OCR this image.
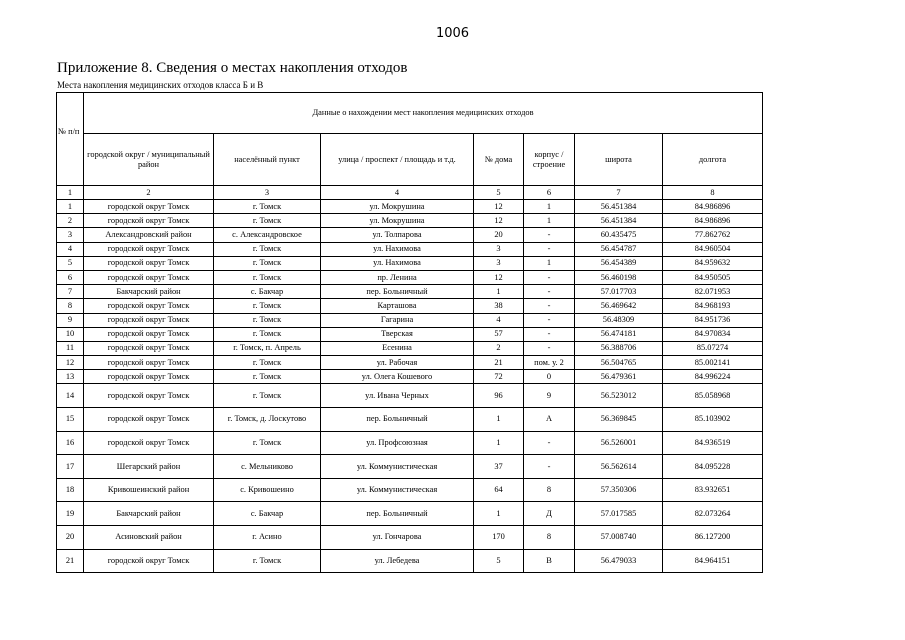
1006
Приложение 8. Сведения о местах накопления отходов
Места накопления медицинских отходов класса Б и В
№ п/п	Данные о нахождении мест накопления медицинских отходов						
	городской округ / муниципальный район	населённый пункт	улица / проспект / площадь и т.д.	№ дома	корпус / строение	широта	долгота
1	2	3	4	5	6	7	8
1	городской округ Томск	г. Томск	ул. Мокрушина	12	1	56.451384	84.986896
2	городской округ Томск	г. Томск	ул. Мокрушина	12	1	56.451384	84.986896
3	Александровский район	с. Александровское	ул. Толпарова	20	-	60.435475	77.862762
4	городской округ Томск	г. Томск	ул. Нахимова	3	-	56.454787	84.960504
5	городской округ Томск	г. Томск	ул. Нахимова	3	1	56.454389	84.959632
6	городской округ Томск	г. Томск	пр. Ленина	12	-	56.460198	84.950505
7	Бакчарский район	с. Бакчар	пер. Больничный	1	-	57.017703	82.071953
8	городской округ Томск	г. Томск	Карташова	38	-	56.469642	84.968193
9	городской округ Томск	г. Томск	Гагарина	4	-	56.48309	84.951736
10	городской округ Томск	г. Томск	Тверская	57	-	56.474181	84.970834
11	городской округ Томск	г. Томск, п. Апрель	Есенина	2	-	56.388706	85.07274
12	городской округ Томск	г. Томск	ул. Рабочая	21	пом. у. 2	56.504765	85.002141
13	городской округ Томск	г. Томск	ул. Олега Кошевого	72	0	56.479361	84.996224
14	городской округ Томск	г. Томск	ул. Ивана Черных	96	9	56.523012	85.058968
15	городской округ Томск	г. Томск, д. Лоскутово	пер. Больничный	1	А	56.369845	85.103902
16	городской округ Томск	г. Томск	ул. Профсоюзная	1	-	56.526001	84.936519
17	Шегарский район	с. Мельниково	ул. Коммунистическая	37	-	56.562614	84.095228
18	Кривошеинский район	с. Кривошеино	ул. Коммунистическая	64	8	57.350306	83.932651
19	Бакчарский район	с. Бакчар	пер. Больничный	1	Д	57.017585	82.073264
20	Асиновский район	г. Асино	ул. Гончарова	170	8	57.008740	86.127200
21	городской округ Томск	г. Томск	ул. Лебедева	5	В	56.479033	84.964151
